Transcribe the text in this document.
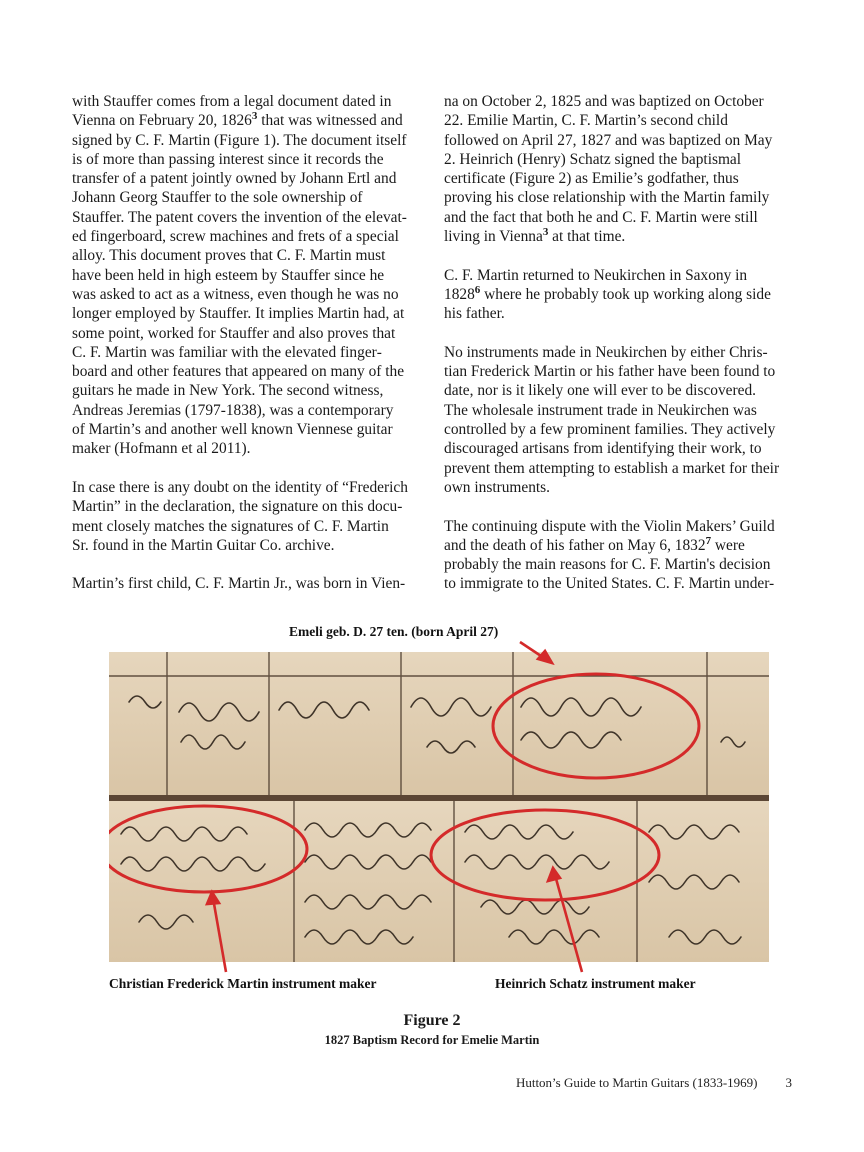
with Stauffer comes from a legal document dated in Vienna on February 20, 1826$^3$ that was witnessed and signed by C. F. Martin (Figure 1). The document itself is of more than passing interest since it records the transfer of a patent jointly owned by Johann Ertl and Johann Georg Stauffer to the sole ownership of Stauffer. The patent covers the invention of the elevated fingerboard, screw machines and frets of a special alloy. This document proves that C. F. Martin must have been held in high esteem by Stauffer since he was asked to act as a witness, even though he was no longer employed by Stauffer. It implies Martin had, at some point, worked for Stauffer and also proves that C. F. Martin was familiar with the elevated fingerboard and other features that appeared on many of the guitars he made in New York. The second witness, Andreas Jeremias (1797-1838), was a contemporary of Martin’s and another well known Viennese guitar maker (Hofmann et al 2011).

In case there is any doubt on the identity of “Frederich Martin” in the declaration, the signature on this document closely matches the signatures of C. F. Martin Sr. found in the Martin Guitar Co. archive.

Martin’s first child, C. F. Martin Jr., was born in Vien-

na on October 2, 1825 and was baptized on October 22. Emilie Martin, C. F. Martin’s second child followed on April 27, 1827 and was baptized on May 2. Heinrich (Henry) Schatz signed the baptismal certificate (Figure 2) as Emilie’s godfather, thus proving his close relationship with the Martin family and the fact that both he and C. F. Martin were still living in Vienna$^3$ at that time.

C. F. Martin returned to Neukirchen in Saxony in 1828$^6$ where he probably took up working along side his father.

No instruments made in Neukirchen by either Christian Frederick Martin or his father have been found to date, nor is it likely one will ever to be discovered. The wholesale instrument trade in Neukirchen was controlled by a few prominent families. They actively discouraged artisans from identifying their work, to prevent them attempting to establish a market for their own instruments.

The continuing dispute with the Violin Makers’ Guild and the death of his father on May 6, 1832$^7$ were probably the main reasons for C. F. Martin's decision to immigrate to the United States. C. F. Martin under-

Emeli geb. D. 27 ten. (born April 27)
Christian Frederick Martin instrument maker	Heinrich Schatz instrument maker
Figure 2
1827 Baptism Record for Emelie Martin
Hutton’s Guide to Martin Guitars (1833-1969) 3
